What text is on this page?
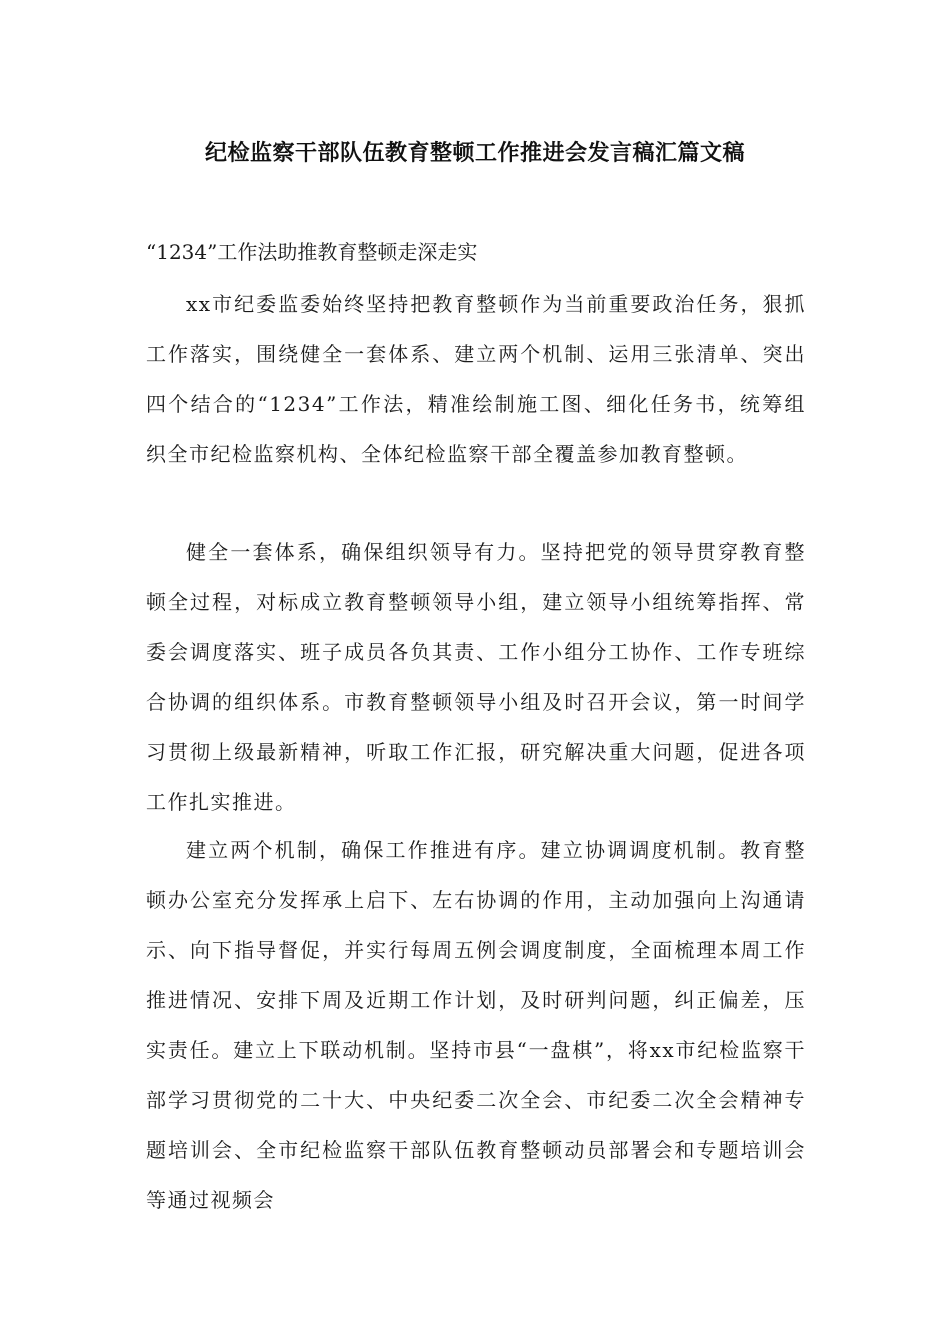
纪检监察干部队伍教育整顿工作推进会发言稿汇篇文稿
“1234”工作法助推教育整顿走深走实

xx市纪委监委始终坚持把教育整顿作为当前重要政治任务，狠抓工作落实，围绕健全一套体系、建立两个机制、运用三张清单、突出四个结合的“1234”工作法，精准绘制施工图、细化任务书，统筹组织全市纪检监察机构、全体纪检监察干部全覆盖参加教育整顿。

健全一套体系，确保组织领导有力。坚持把党的领导贯穿教育整顿全过程，对标成立教育整顿领导小组，建立领导小组统筹指挥、常委会调度落实、班子成员各负其责、工作小组分工协作、工作专班综合协调的组织体系。市教育整顿领导小组及时召开会议，第一时间学习贯彻上级最新精神，听取工作汇报，研究解决重大问题，促进各项工作扎实推进。

建立两个机制，确保工作推进有序。建立协调调度机制。教育整顿办公室充分发挥承上启下、左右协调的作用，主动加强向上沟通请示、向下指导督促，并实行每周五例会调度制度，全面梳理本周工作推进情况、安排下周及近期工作计划，及时研判问题，纠正偏差，压实责任。建立上下联动机制。坚持市县“一盘棋”，将xx市纪检监察干部学习贯彻党的二十大、中央纪委二次全会、市纪委二次全会精神专题培训会、全市纪检监察干部队伍教育整顿动员部署会和专题培训会等通过视频会
